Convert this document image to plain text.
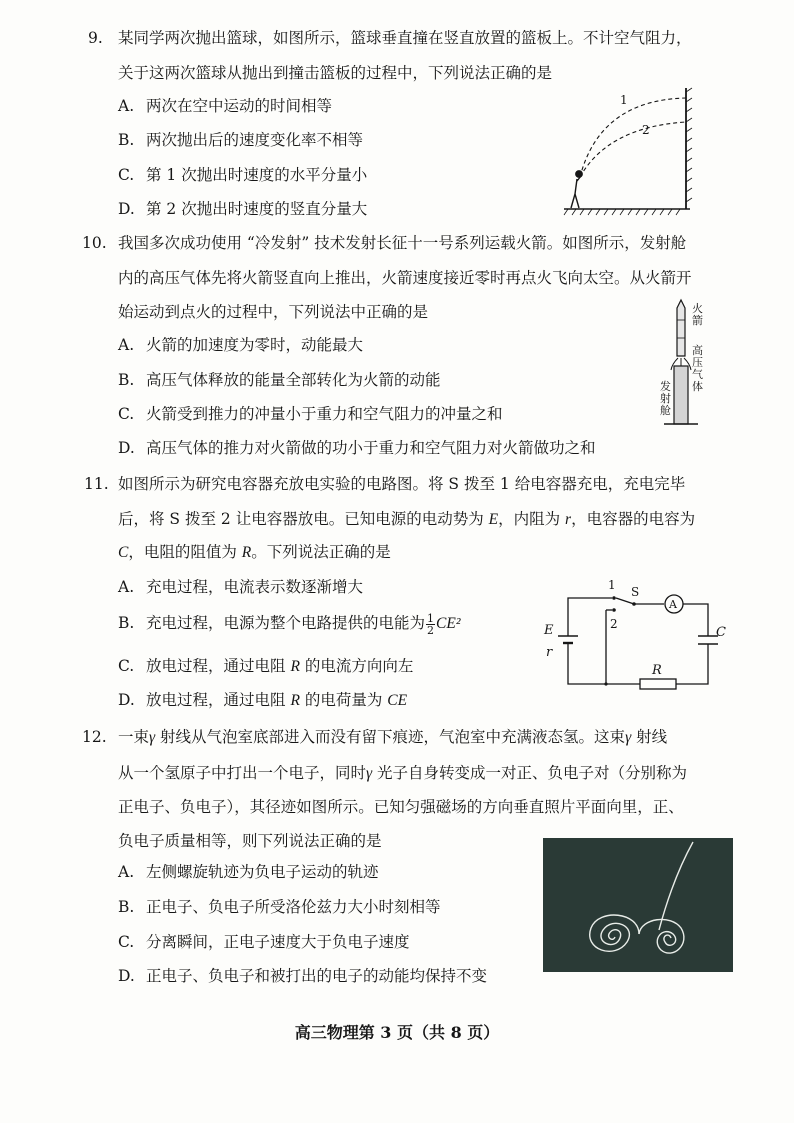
9. 某同学两次抛出篮球，如图所示，篮球垂直撞在竖直放置的篮板上。不计空气阻力，
关于这两次篮球从抛出到撞击篮板的过程中，下列说法正确的是
A. 两次在空中运动的时间相等
B. 两次抛出后的速度变化率不相等
C. 第 1 次抛出时速度的水平分量小
D. 第 2 次抛出时速度的竖直分量大
1
2
10. 我国多次成功使用 “冷发射” 技术发射长征十一号系列运载火箭。如图所示，发射舱
内的高压气体先将火箭竖直向上推出，火箭速度接近零时再点火飞向太空。从火箭开
始运动到点火的过程中，下列说法中正确的是
A. 火箭的加速度为零时，动能最大
B. 高压气体释放的能量全部转化为火箭的动能
C. 火箭受到推力的冲量小于重力和空气阻力的冲量之和
D. 高压气体的推力对火箭做的功小于重力和空气阻力对火箭做功之和
火箭
高压气体
发射舱
11. 如图所示为研究电容器充放电实验的电路图。将 S 拨至 1 给电容器充电，充电完毕
后，将 S 拨至 2 让电容器放电。已知电源的电动势为 E，内阻为 r，电容器的电容为
C，电阻的阻值为 R。下列说法正确的是
A. 充电过程，电流表示数逐渐增大
B. 充电过程，电源为整个电路提供的电能为 $\frac{1}{2} CE^2$
C. 放电过程，通过电阻 R 的电流方向向左
D. 放电过程，通过电阻 R 的电荷量为 CE
1
2
S
A
E
r
C
R
12. 一束γ 射线从气泡室底部进入而没有留下痕迹，气泡室中充满液态氢。这束γ 射线
从一个氢原子中打出一个电子，同时γ 光子自身转变成一对正、负电子对（分别称为
正电子、负电子），其径迹如图所示。已知匀强磁场的方向垂直照片平面向里，正、
负电子质量相等，则下列说法正确的是
A. 左侧螺旋轨迹为负电子运动的轨迹
B. 正电子、负电子所受洛伦兹力大小时刻相等
C. 分离瞬间，正电子速度大于负电子速度
D. 正电子、负电子和被打出的电子的动能均保持不变
高三物理第 3 页（共 8 页）
